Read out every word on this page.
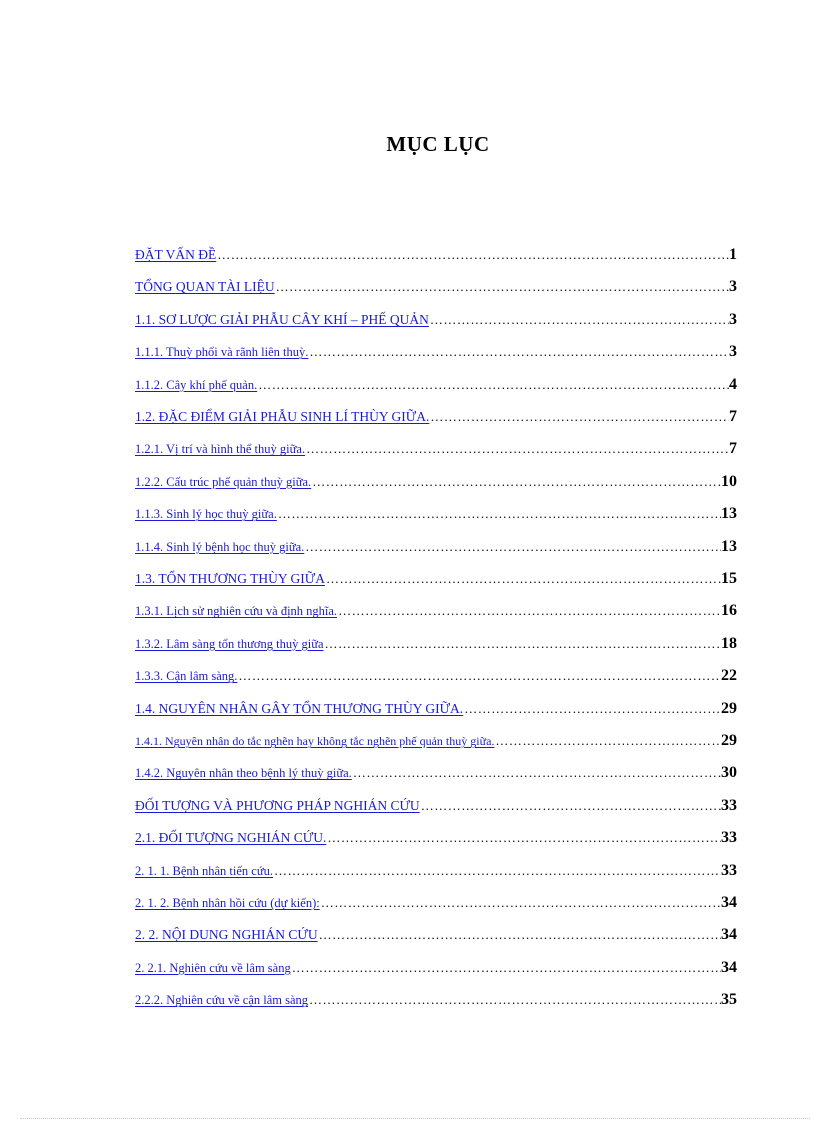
MỤC LỤC
ĐẶT VẤN ĐỀ …………………………………………………………………………………………………………………………………………………………………………………………………………	1
TỔNG QUAN TÀI LIỆU …………………………………………………………………………………………………………………………………………………………………………………………………………	3
1.1. SƠ LƯỢC GIẢI PHẪU CÂY KHÍ – PHẾ QUẢN …………………………………………………………………………………………………………………………………………………………………………………………………………	3
1.1.1. Thuỳ phổi và rãnh liên thuỳ. …………………………………………………………………………………………………………………………………………………………………………………………………………	3
1.1.2. Cây khí phế quản. …………………………………………………………………………………………………………………………………………………………………………………………………………	4
1.2. ĐẶC ĐIỂM GIẢI PHẪU SINH LÍ THÙY GIỮA. …………………………………………………………………………………………………………………………………………………………………………………………………………	7
1.2.1. Vị trí và hình thể thuỳ giữa. …………………………………………………………………………………………………………………………………………………………………………………………………………	7
1.2.2. Cấu trúc phế quản thuỳ giữa. …………………………………………………………………………………………………………………………………………………………………………………………………………	10
1.1.3. Sinh lý học thuỳ giữa. …………………………………………………………………………………………………………………………………………………………………………………………………………	13
1.1.4. Sinh lý bệnh học thuỳ giữa. …………………………………………………………………………………………………………………………………………………………………………………………………………	13
1.3. TỔN THƯƠNG THÙY GIỮA …………………………………………………………………………………………………………………………………………………………………………………………………………	15
1.3.1. Lịch sử nghiên cứu và định nghĩa. …………………………………………………………………………………………………………………………………………………………………………………………………………	16
1.3.2. Lâm sàng tổn thương thuỳ giữa …………………………………………………………………………………………………………………………………………………………………………………………………………	18
1.3.3. Cận lâm sàng. …………………………………………………………………………………………………………………………………………………………………………………………………………	22
1.4. NGUYÊN NHÂN GÂY TỔN THƯƠNG THÙY GIỮA. …………………………………………………………………………………………………………………………………………………………………………………………………………	29
1.4.1. Nguyên nhân do tắc nghẽn hay không tắc nghẽn phế quản thuỳ giữa. …………………………………………………………………………………………………………………………………………………………………………………………………………	29
1.4.2. Nguyên nhân theo bệnh lý thuỳ giữa. …………………………………………………………………………………………………………………………………………………………………………………………………………	30
ĐỐI TƯỢNG VÀ PHƯƠNG PHÁP NGHIÁN CỨU …………………………………………………………………………………………………………………………………………………………………………………………………………	33
2.1. ĐỐI TƯỢNG NGHIÁN CỨU. …………………………………………………………………………………………………………………………………………………………………………………………………………	33
2. 1. 1. Bệnh nhân tiến cứu. …………………………………………………………………………………………………………………………………………………………………………………………………………	33
2. 1. 2. Bệnh nhân hồi cứu (dự kiến): …………………………………………………………………………………………………………………………………………………………………………………………………………	34
2. 2. NỘI DUNG NGHIÁN CỨU …………………………………………………………………………………………………………………………………………………………………………………………………………	34
2. 2.1. Nghiên cứu về lâm sàng …………………………………………………………………………………………………………………………………………………………………………………………………………	34
2.2.2. Nghiên cứu về cận lâm sàng …………………………………………………………………………………………………………………………………………………………………………………………………………	35
